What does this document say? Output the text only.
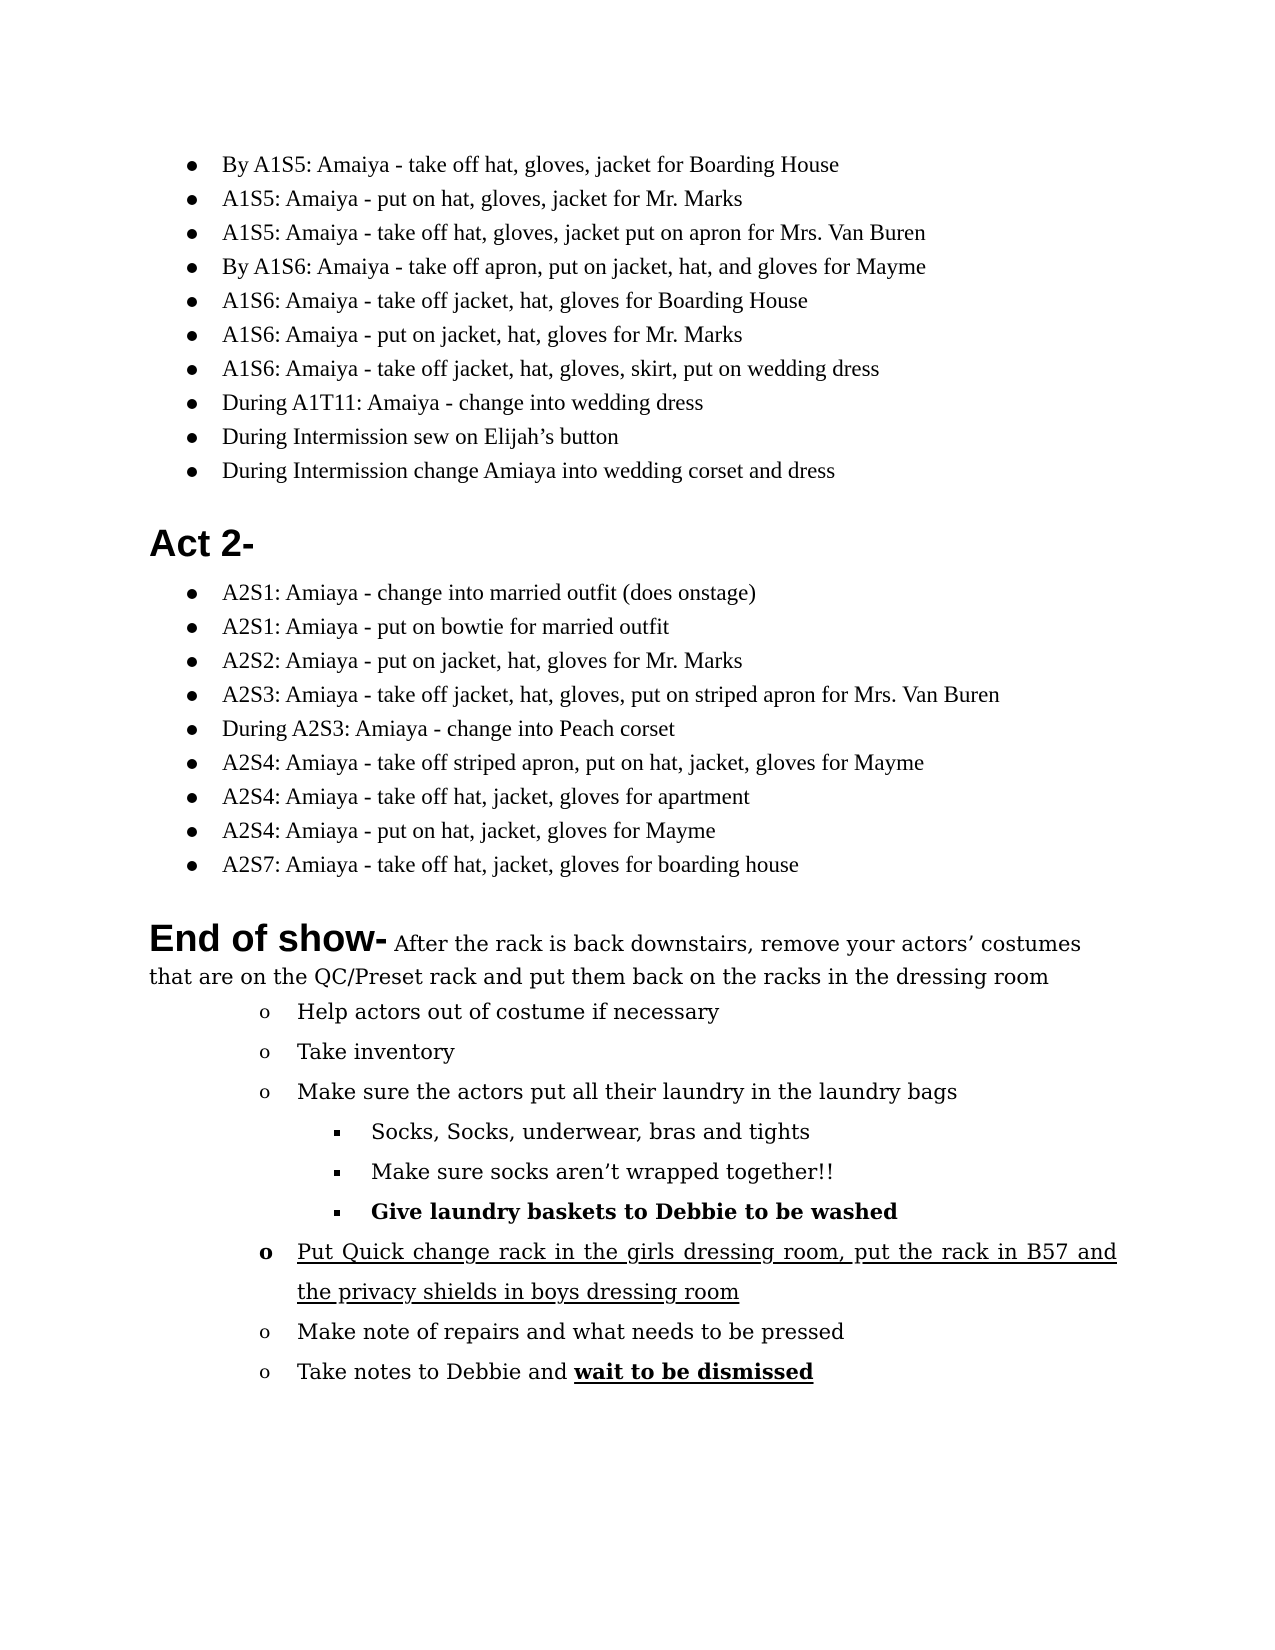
By A1S5: Amaiya - take off hat, gloves, jacket for Boarding House
A1S5: Amaiya - put on hat, gloves, jacket for Mr. Marks
A1S5: Amaiya - take off hat, gloves, jacket put on apron for Mrs. Van Buren
By A1S6: Amaiya - take off apron, put on jacket, hat, and gloves for Mayme
A1S6: Amaiya - take off jacket, hat, gloves for Boarding House
A1S6: Amaiya - put on jacket, hat, gloves for Mr. Marks
A1S6: Amaiya - take off jacket, hat, gloves, skirt, put on wedding dress
During A1T11: Amaiya - change into wedding dress
During Intermission sew on Elijah’s button
During Intermission change Amiaya into wedding corset and dress
Act 2-
A2S1: Amiaya - change into married outfit (does onstage)
A2S1: Amiaya - put on bowtie for married outfit
A2S2: Amiaya - put on jacket, hat, gloves for Mr. Marks
A2S3: Amiaya - take off jacket, hat, gloves, put on striped apron for Mrs. Van Buren
During A2S3: Amiaya - change into Peach corset
A2S4: Amiaya - take off striped apron, put on hat, jacket, gloves for Mayme
A2S4: Amiaya - take off hat, jacket, gloves for apartment
A2S4: Amiaya - put on hat, jacket, gloves for Mayme
A2S7: Amiaya - take off hat, jacket, gloves for boarding house
End of show- After the rack is back downstairs, remove your actors’ costumes
that are on the QC/Preset rack and put them back on the racks in the dressing room
o Help actors out of costume if necessary
o Take inventory
o Make sure the actors put all their laundry in the laundry bags
Socks, Socks, underwear, bras and tights
Make sure socks aren’t wrapped together!!
Give laundry baskets to Debbie to be washed
o Put Quick change rack in the girls dressing room, put the rack in B57 and the privacy shields in boys dressing room
o Make note of repairs and what needs to be pressed
o Take notes to Debbie and wait to be dismissed
